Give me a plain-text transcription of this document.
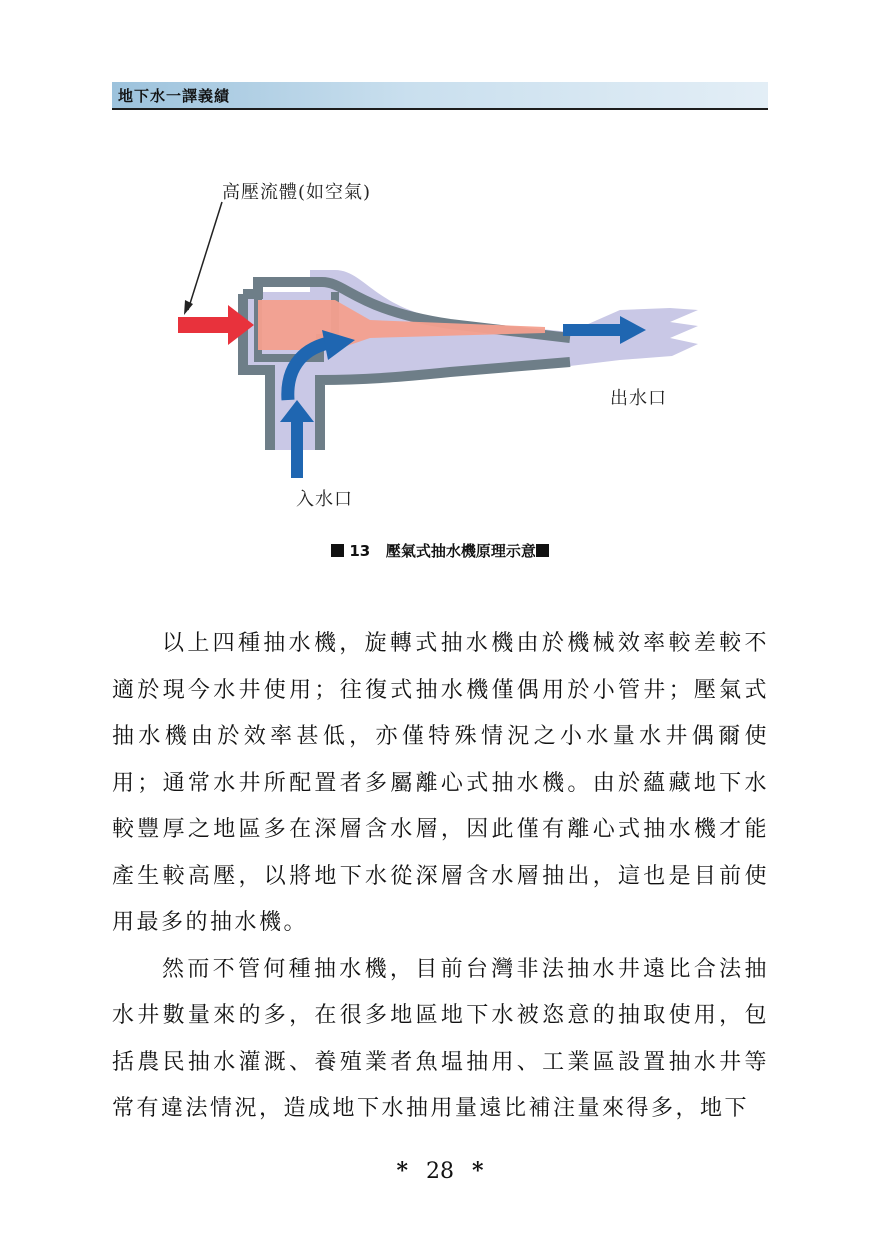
地下水一譯義績
高壓流體(如空氣)
出水口
入水口
13 壓氣式抽水機原理示意

以上四種抽水機，旋轉式抽水機由於機械效率較差較不適於現今水井使用；往復式抽水機僅偶用於小管井；壓氣式抽水機由於效率甚低，亦僅特殊情況之小水量水井偶爾使用；通常水井所配置者多屬離心式抽水機。由於蘊藏地下水較豐厚之地區多在深層含水層，因此僅有離心式抽水機才能產生較高壓，以將地下水從深層含水層抽出，這也是目前使用最多的抽水機。

然而不管何種抽水機，目前台灣非法抽水井遠比合法抽水井數量來的多，在很多地區地下水被恣意的抽取使用，包括農民抽水灌溉、養殖業者魚塭抽用、工業區設置抽水井等常有違法情況，造成地下水抽用量遠比補注量來得多，地下

* 28 *
